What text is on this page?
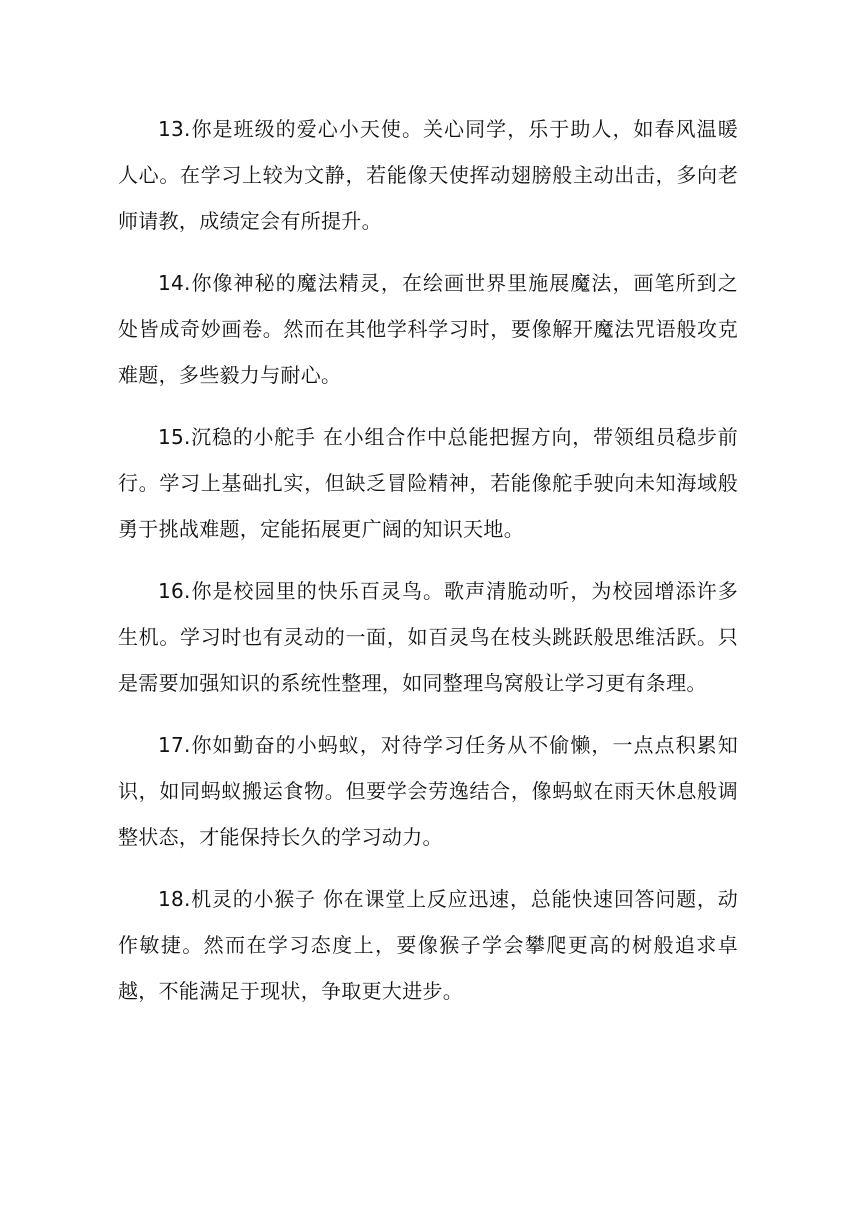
13.你是班级的爱心小天使。关心同学，乐于助人，如春风温暖人心。在学习上较为文静，若能像天使挥动翅膀般主动出击，多向老师请教，成绩定会有所提升。

14.你像神秘的魔法精灵，在绘画世界里施展魔法，画笔所到之处皆成奇妙画卷。然而在其他学科学习时，要像解开魔法咒语般攻克难题，多些毅力与耐心。

15.沉稳的小舵手 在小组合作中总能把握方向，带领组员稳步前行。学习上基础扎实，但缺乏冒险精神，若能像舵手驶向未知海域般勇于挑战难题，定能拓展更广阔的知识天地。

16.你是校园里的快乐百灵鸟。歌声清脆动听，为校园增添许多生机。学习时也有灵动的一面，如百灵鸟在枝头跳跃般思维活跃。只是需要加强知识的系统性整理，如同整理鸟窝般让学习更有条理。

17.你如勤奋的小蚂蚁，对待学习任务从不偷懒，一点点积累知识，如同蚂蚁搬运食物。但要学会劳逸结合，像蚂蚁在雨天休息般调整状态，才能保持长久的学习动力。

18.机灵的小猴子 你在课堂上反应迅速，总能快速回答问题，动作敏捷。然而在学习态度上，要像猴子学会攀爬更高的树般追求卓越，不能满足于现状，争取更大进步。
